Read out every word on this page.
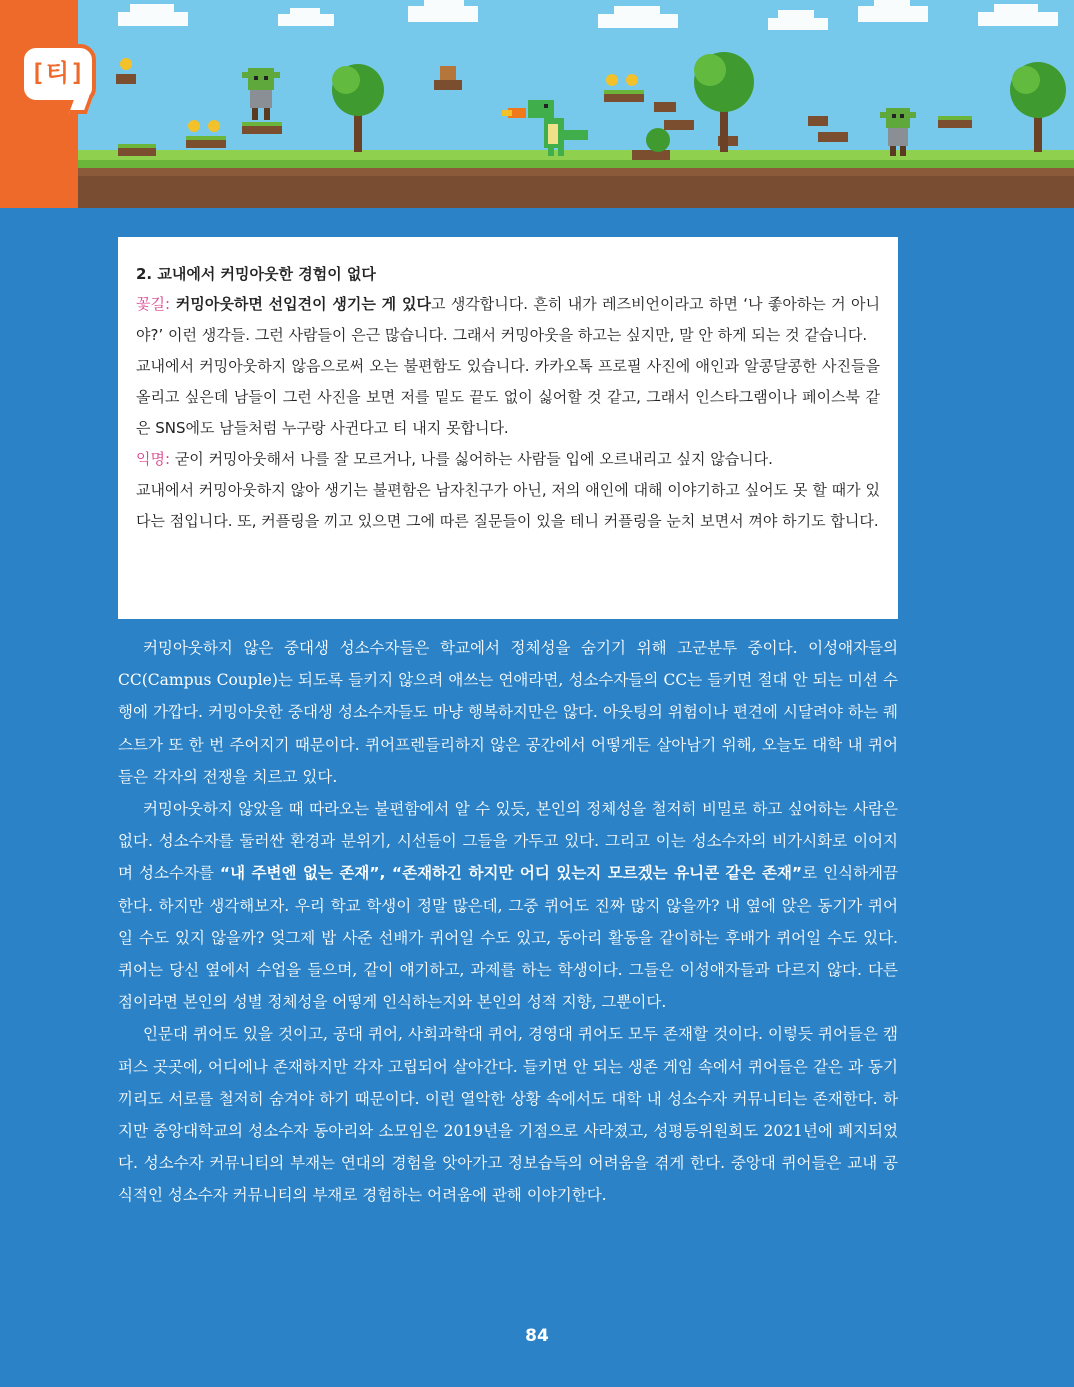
[티]

2. 교내에서 커밍아웃한 경험이 없다

꽃길: 커밍아웃하면 선입견이 생기는 게 있다고 생각합니다. 흔히 내가 레즈비언이라고 하면 ‘나 좋아하는 거 아니야?’ 이런 생각들. 그런 사람들이 은근 많습니다. 그래서 커밍아웃을 하고는 싶지만, 말 안 하게 되는 것 같습니다.

교내에서 커밍아웃하지 않음으로써 오는 불편함도 있습니다. 카카오톡 프로필 사진에 애인과 알콩달콩한 사진들을 올리고 싶은데 남들이 그런 사진을 보면 저를 밑도 끝도 없이 싫어할 것 같고, 그래서 인스타그램이나 페이스북 같은 SNS에도 남들처럼 누구랑 사귄다고 티 내지 못합니다.

익명: 굳이 커밍아웃해서 나를 잘 모르거나, 나를 싫어하는 사람들 입에 오르내리고 싶지 않습니다.

교내에서 커밍아웃하지 않아 생기는 불편함은 남자친구가 아닌, 저의 애인에 대해 이야기하고 싶어도 못 할 때가 있다는 점입니다. 또, 커플링을 끼고 있으면 그에 따른 질문들이 있을 테니 커플링을 눈치 보면서 껴야 하기도 합니다.

커밍아웃하지 않은 중대생 성소수자들은 학교에서 정체성을 숨기기 위해 고군분투 중이다. 이성애자들의 CC(Campus Couple)는 되도록 들키지 않으려 애쓰는 연애라면, 성소수자들의 CC는 들키면 절대 안 되는 미션 수행에 가깝다. 커밍아웃한 중대생 성소수자들도 마냥 행복하지만은 않다. 아웃팅의 위험이나 편견에 시달려야 하는 퀘스트가 또 한 번 주어지기 때문이다. 퀴어프렌들리하지 않은 공간에서 어떻게든 살아남기 위해, 오늘도 대학 내 퀴어들은 각자의 전쟁을 치르고 있다.

커밍아웃하지 않았을 때 따라오는 불편함에서 알 수 있듯, 본인의 정체성을 철저히 비밀로 하고 싶어하는 사람은 없다. 성소수자를 둘러싼 환경과 분위기, 시선들이 그들을 가두고 있다. 그리고 이는 성소수자의 비가시화로 이어지며 성소수자를 “내 주변엔 없는 존재”, “존재하긴 하지만 어디 있는지 모르겠는 유니콘 같은 존재”로 인식하게끔 한다. 하지만 생각해보자. 우리 학교 학생이 정말 많은데, 그중 퀴어도 진짜 많지 않을까? 내 옆에 앉은 동기가 퀴어일 수도 있지 않을까? 엊그제 밥 사준 선배가 퀴어일 수도 있고, 동아리 활동을 같이하는 후배가 퀴어일 수도 있다. 퀴어는 당신 옆에서 수업을 들으며, 같이 얘기하고, 과제를 하는 학생이다. 그들은 이성애자들과 다르지 않다. 다른 점이라면 본인의 성별 정체성을 어떻게 인식하는지와 본인의 성적 지향, 그뿐이다.

인문대 퀴어도 있을 것이고, 공대 퀴어, 사회과학대 퀴어, 경영대 퀴어도 모두 존재할 것이다. 이렇듯 퀴어들은 캠퍼스 곳곳에, 어디에나 존재하지만 각자 고립되어 살아간다. 들키면 안 되는 생존 게임 속에서 퀴어들은 같은 과 동기끼리도 서로를 철저히 숨겨야 하기 때문이다. 이런 열악한 상황 속에서도 대학 내 성소수자 커뮤니티는 존재한다. 하지만 중앙대학교의 성소수자 동아리와 소모임은 2019년을 기점으로 사라졌고, 성평등위원회도 2021년에 폐지되었다. 성소수자 커뮤니티의 부재는 연대의 경험을 앗아가고 정보습득의 어려움을 겪게 한다. 중앙대 퀴어들은 교내 공식적인 성소수자 커뮤니티의 부재로 경험하는 어려움에 관해 이야기한다.

84
